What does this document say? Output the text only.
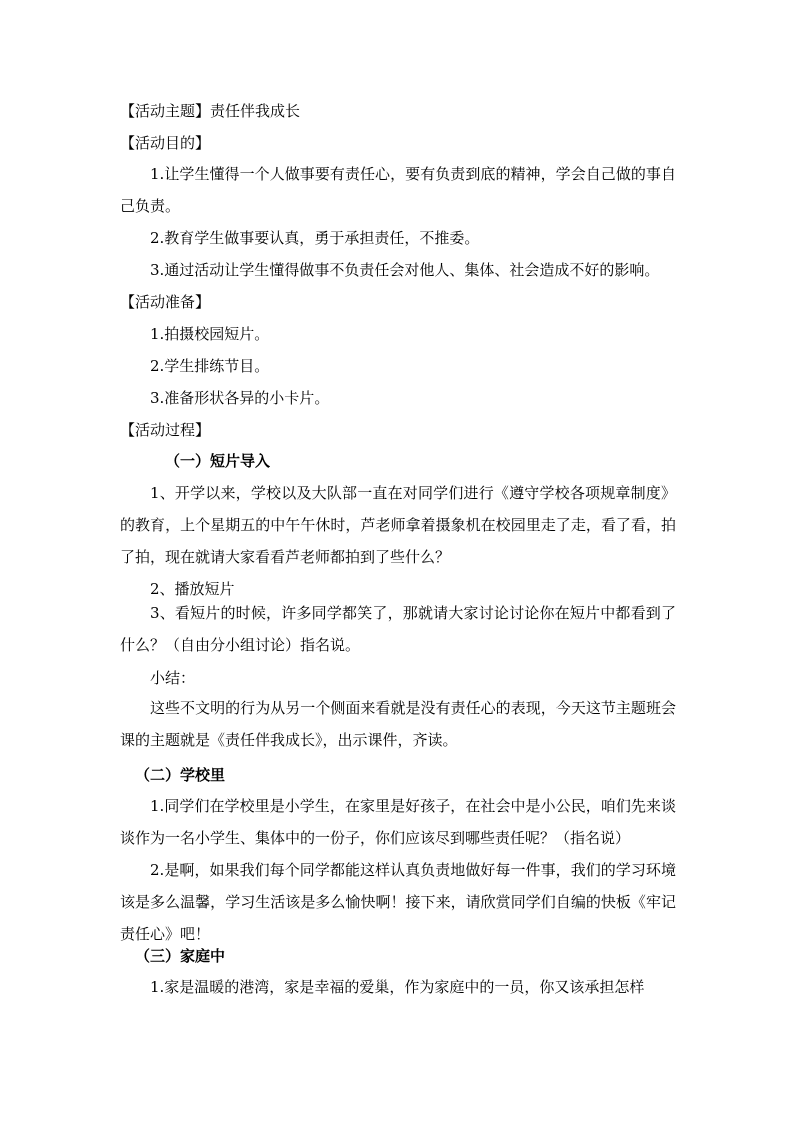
【活动主题】责任伴我成长
【活动目的】
1.让学生懂得一个人做事要有责任心，要有负责到底的精神，学会自己做的事自己负责。
2.教育学生做事要认真，勇于承担责任，不推委。
3.通过活动让学生懂得做事不负责任会对他人、集体、社会造成不好的影响。
【活动准备】
1.拍摄校园短片。
2.学生排练节目。
3.准备形状各异的小卡片。
【活动过程】
（一）短片导入
1、开学以来，学校以及大队部一直在对同学们进行《遵守学校各项规章制度》的教育，上个星期五的中午午休时，芦老师拿着摄象机在校园里走了走，看了看，拍了拍，现在就请大家看看芦老师都拍到了些什么？
2、播放短片
3、看短片的时候，许多同学都笑了，那就请大家讨论讨论你在短片中都看到了什么？（自由分小组讨论）指名说。
小结：
这些不文明的行为从另一个侧面来看就是没有责任心的表现，今天这节主题班会课的主题就是《责任伴我成长》，出示课件，齐读。
（二）学校里
1.同学们在学校里是小学生，在家里是好孩子，在社会中是小公民，咱们先来谈谈作为一名小学生、集体中的一份子，你们应该尽到哪些责任呢？（指名说）
2.是啊，如果我们每个同学都能这样认真负责地做好每一件事，我们的学习环境该是多么温馨，学习生活该是多么愉快啊！接下来，请欣赏同学们自编的快板《牢记责任心》吧！
（三）家庭中
1.家是温暖的港湾，家是幸福的爱巢，作为家庭中的一员，你又该承担怎样
